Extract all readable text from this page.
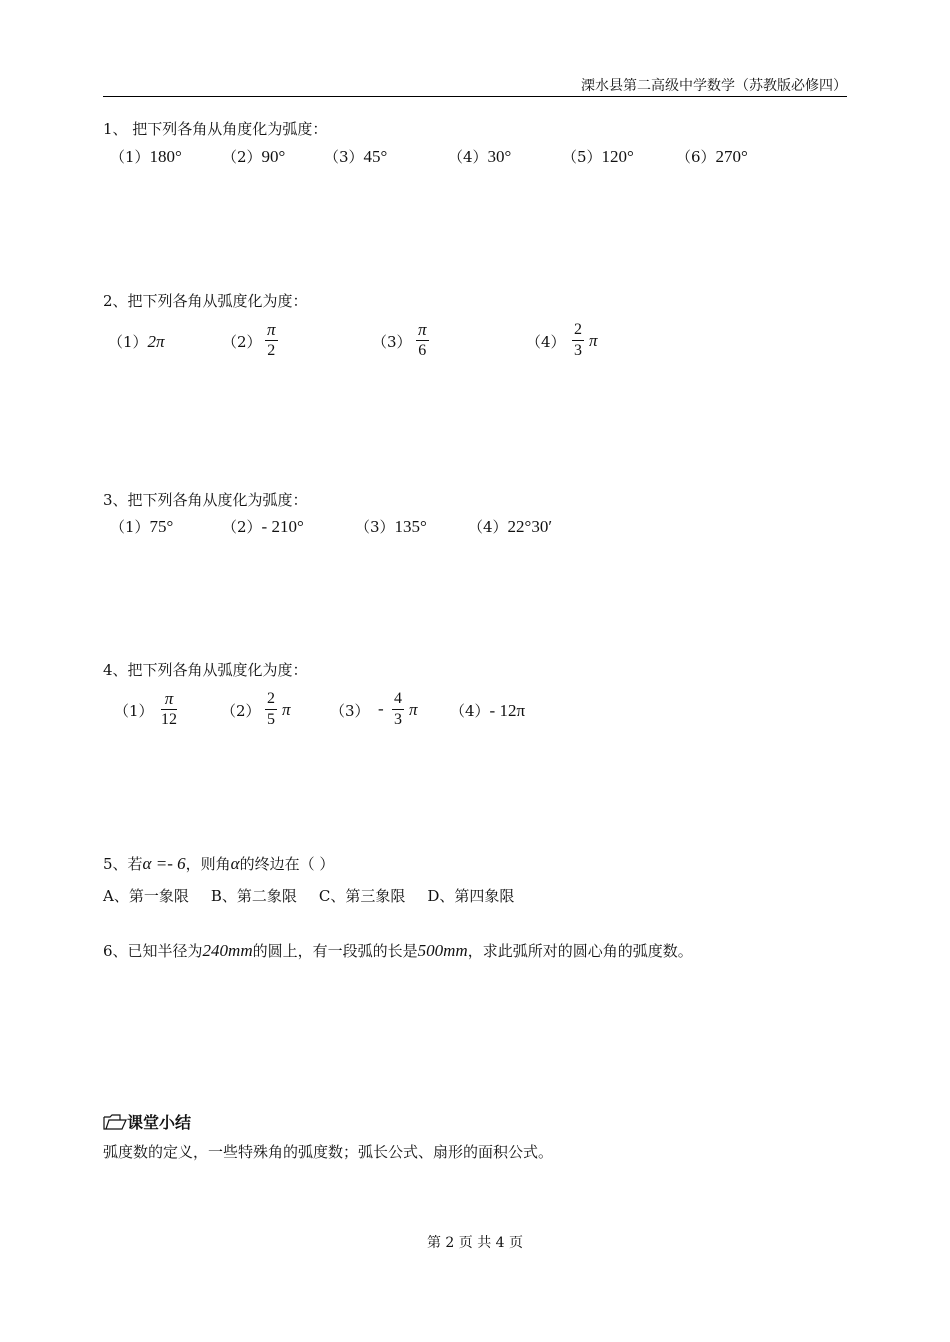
溧水县第二高级中学数学（苏教版必修四）
1、 把下列各角从角度化为弧度：
（1）180°	（2）90°	（3）45°	（4）30°	（5）120°	（6）270°
2、把下列各角从弧度化为度：
（1）2π	$(2) \frac{\pi}{2}$	$(3) \frac{\pi}{6}$	$(4) \frac{2}{3}$ π
3、把下列各角从度化为弧度：
（1）75°	（2）- 210°	（3）135°	（4）22°30′
4、把下列各角从弧度化为度：
$(1) \frac{\pi}{12}$	$(2) \frac{2}{5}$ π	$(3) - \frac{4}{3}$ π （4）- 12π
5、若α =- 6，则角α的终边在（ ）
A、第一象限 B、第二象限 C、第三象限 D、第四象限
6、已知半径为240mm的圆上，有一段弧的长是500mm，求此弧所对的圆心角的弧度数。
课堂小结
弧度数的定义，一些特殊角的弧度数；弧长公式、扇形的面积公式。
第 2 页 共 4 页
